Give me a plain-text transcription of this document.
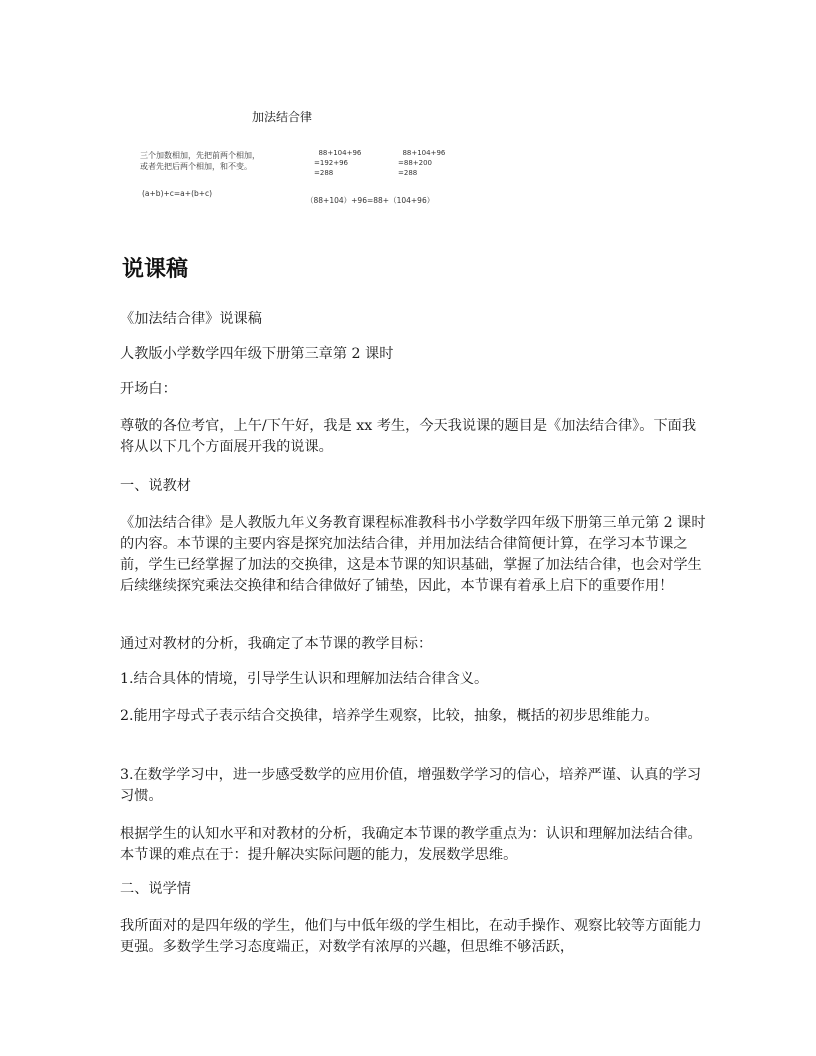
加法结合律
三个加数相加，先把前两个相加，
或者先把后两个相加，和不变。
(a+b)+c=a+(b+c)
88+104+96
=192+96
=288
88+104+96
=88+200
=288
（88+104）+96=88+（104+96）
说课稿

《加法结合律》说课稿

人教版小学数学四年级下册第三章第 2 课时

开场白：

尊敬的各位考官，上午/下午好，我是 xx 考生，今天我说课的题目是《加法结合律》。下面我将从以下几个方面展开我的说课。

一、说教材

《加法结合律》是人教版九年义务教育课程标准教科书小学数学四年级下册第三单元第 2 课时的内容。本节课的主要内容是探究加法结合律，并用加法结合律简便计算，在学习本节课之前，学生已经掌握了加法的交换律，这是本节课的知识基础，掌握了加法结合律，也会对学生后续继续探究乘法交换律和结合律做好了铺垫，因此，本节课有着承上启下的重要作用！

通过对教材的分析，我确定了本节课的教学目标：

1.结合具体的情境，引导学生认识和理解加法结合律含义。

2.能用字母式子表示结合交换律，培养学生观察，比较，抽象，概括的初步思维能力。

3.在数学学习中，进一步感受数学的应用价值，增强数学学习的信心，培养严谨、认真的学习习惯。

根据学生的认知水平和对教材的分析，我确定本节课的教学重点为：认识和理解加法结合律。本节课的难点在于：提升解决实际问题的能力，发展数学思维。

二、说学情

我所面对的是四年级的学生，他们与中低年级的学生相比，在动手操作、观察比较等方面能力更强。多数学生学习态度端正，对数学有浓厚的兴趣，但思维不够活跃，
